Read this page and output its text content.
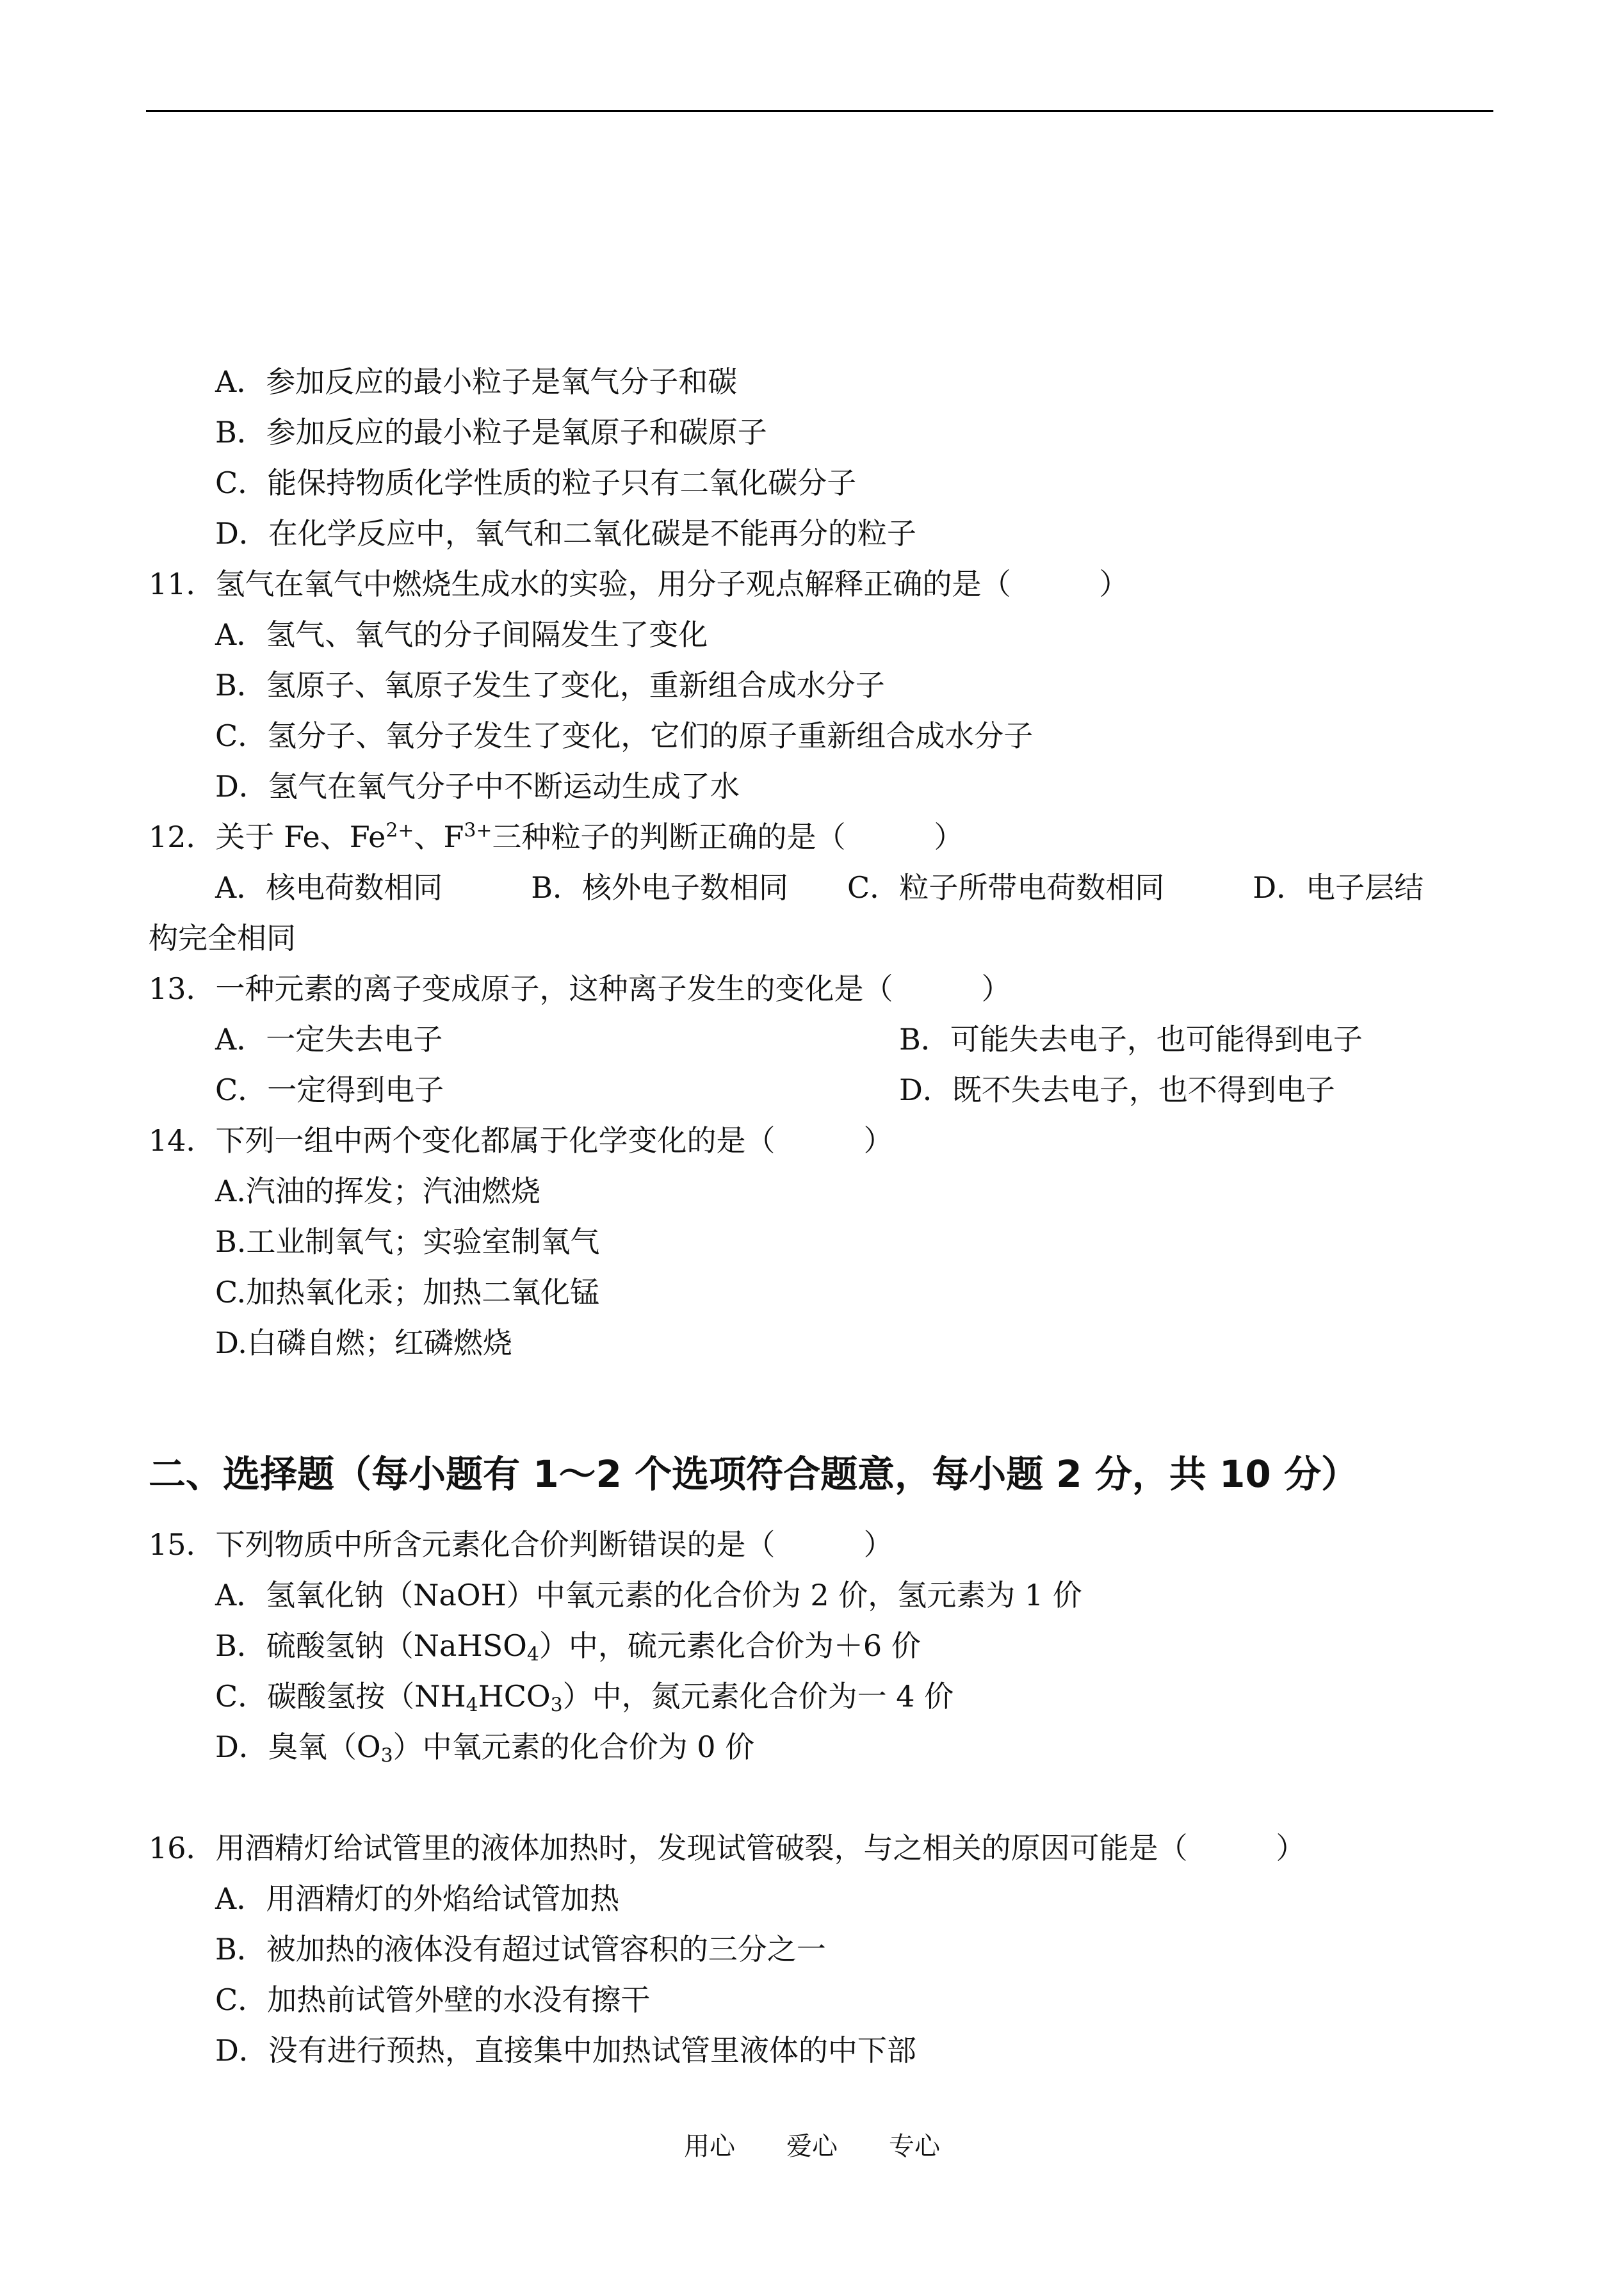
A．参加反应的最小粒子是氧气分子和碳
B．参加反应的最小粒子是氧原子和碳原子
C．能保持物质化学性质的粒子只有二氧化碳分子
D．在化学反应中，氧气和二氧化碳是不能再分的粒子
11．氢气在氧气中燃烧生成水的实验，用分子观点解释正确的是（　　　）
A．氢气、氧气的分子间隔发生了变化
B．氢原子、氧原子发生了变化，重新组合成水分子
C．氢分子、氧分子发生了变化，它们的原子重新组合成水分子
D．氢气在氧气分子中不断运动生成了水
12．关于 Fe、$Fe^{2+}$、$F^{3+}$三种粒子的判断正确的是（　　　）
A．核电荷数相同　　　B．核外电子数相同　　C．粒子所带电荷数相同　　　D．电子层结
构完全相同
13．一种元素的离子变成原子，这种离子发生的变化是（　　　）
A．一定失去电子	B．可能失去电子，也可能得到电子
C．一定得到电子	D．既不失去电子，也不得到电子
14．下列一组中两个变化都属于化学变化的是（　　　）
A.汽油的挥发；汽油燃烧
B.工业制氧气；实验室制氧气
C.加热氧化汞；加热二氧化锰
D.白磷自燃；红磷燃烧
二、选择题（每小题有 1～2 个选项符合题意，每小题 2 分，共 10 分）
15．下列物质中所含元素化合价判断错误的是（　　　）
A．氢氧化钠（NaOH）中氧元素的化合价为 2 价，氢元素为 1 价
B．硫酸氢钠（NaHSO$_4$）中，硫元素化合价为＋6 价
C．碳酸氢按$(NH_4HCO_3)$中，氮元素化合价为一 4 价
D．臭氧$(O_3)$中氧元素的化合价为 0 价
16．用酒精灯给试管里的液体加热时，发现试管破裂，与之相关的原因可能是（　　　）
A．用酒精灯的外焰给试管加热
B．被加热的液体没有超过试管容积的三分之一
C．加热前试管外壁的水没有擦干
D．没有进行预热，直接集中加热试管里液体的中下部
用心　　爱心　　专心
